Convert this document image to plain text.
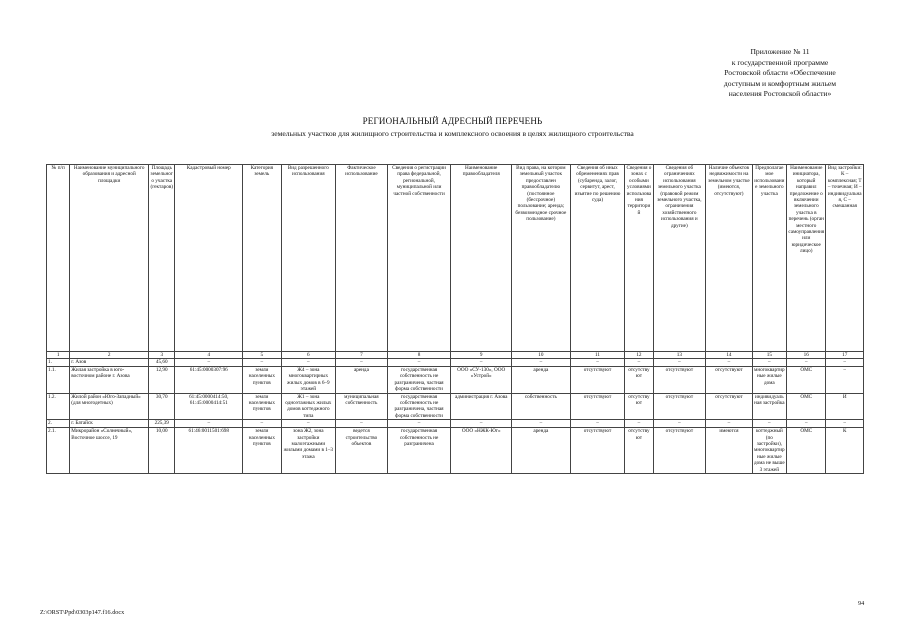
Приложение № 11
к государственной программе
Ростовской области «Обеспечение
доступным и комфортным жильем
населения Ростовской области»
РЕГИОНАЛЬНЫЙ АДРЕСНЫЙ ПЕРЕЧЕНЬ
земельных участков для жилищного строительства и комплексного освоения в целях жилищного строительства
№ п/п	Наименование муниципального образования и адресной площадки	Площадь земельного участка (гектаров)	Кадастровый номер	Категория земель	Вид разрешенного использования	Фактическое использование	Сведения о регистрации права федеральной, региональной, муниципальной или частной собственности	Наименование правообладателя	Вид права, на котором земельный участок предоставлен правообладателю (постоянное (бессрочное) пользование; аренда; безвозмездное срочное пользование)	Сведения об иных обременениях прав (субаренда, залог, сервитут, арест, изъятие по решению суда)	Сведения о зонах с особыми условиями использования территорий	Сведения об ограничениях использования земельного участка (правовой режим земельного участка, ограничения хозяйственного использования и другие)	Наличие объектов недвижимости на земельном участке (имеются, отсутствуют)	Предполагаемое использование земельного участка	Наименование инициатора, который направил предложение о включении земельного участка в перечень (орган местного самоуправления или юридическое лицо)	Вид застройки: К – комплексная; Т – точечная; И – индивидуальная, С – смешанная
1	2	3	4	5	6	7	8	9	10	11	12	13	14	15	16	17
1.	г. Азов	45,60	–	–	–	–	–	–	–	–	–	–	–	–	–	–
1.1.	Жилая застройка в юго-восточном районе г. Азова	12,90	61:45:0000307:96	земли населенных пунктов	Ж4 – зона многоквартирных жилых домов в 6–9 этажей	аренда	государственная собственность не разграничена, частная форма собственности	ООО «СУ-130», ООО «Устрой»	аренда	отсутствуют	отсутствуют	отсутствуют	отсутствуют	многоквартирные жилые дома	ОМС	–
1.2.	Жилой район «Юго-Западный» (для многодетных)	30,70	61:45:0000414:50, 61:45:0000414:51	земли населенных пунктов	Ж1 – зона одноэтажных жилых домов коттеджного типа	муниципальная собственность	государственная собственность не разграничена, частная форма собственности	администрация г. Азова	собственность	отсутствуют	отсутствуют	отсутствуют	отсутствуют	индивидуальная застройка	ОМС	И
2.	г. Батайск	225,39	–	–	–	–	–	–	–	–	–	–	–	–	–	–
2.1.	Микрорайон «Солнечный», Восточное шоссе, 19	10,00	61:46:0011501:698	земли населенных пунктов	зона Ж2, зона застройки малоэтажными жилыми домами в 1–3 этажа	ведется строительство объектов	государственная собственность не разграничена	ООО «НЖК-Юг»	аренда	отсутствуют	отсутствуют	отсутствуют	имеются	коттеджный (по застройки), многоквартирные жилые дома не выше 3 этажей	ОМС	К
94
Z:\ORST\Ppd\0303p147.f16.docx
